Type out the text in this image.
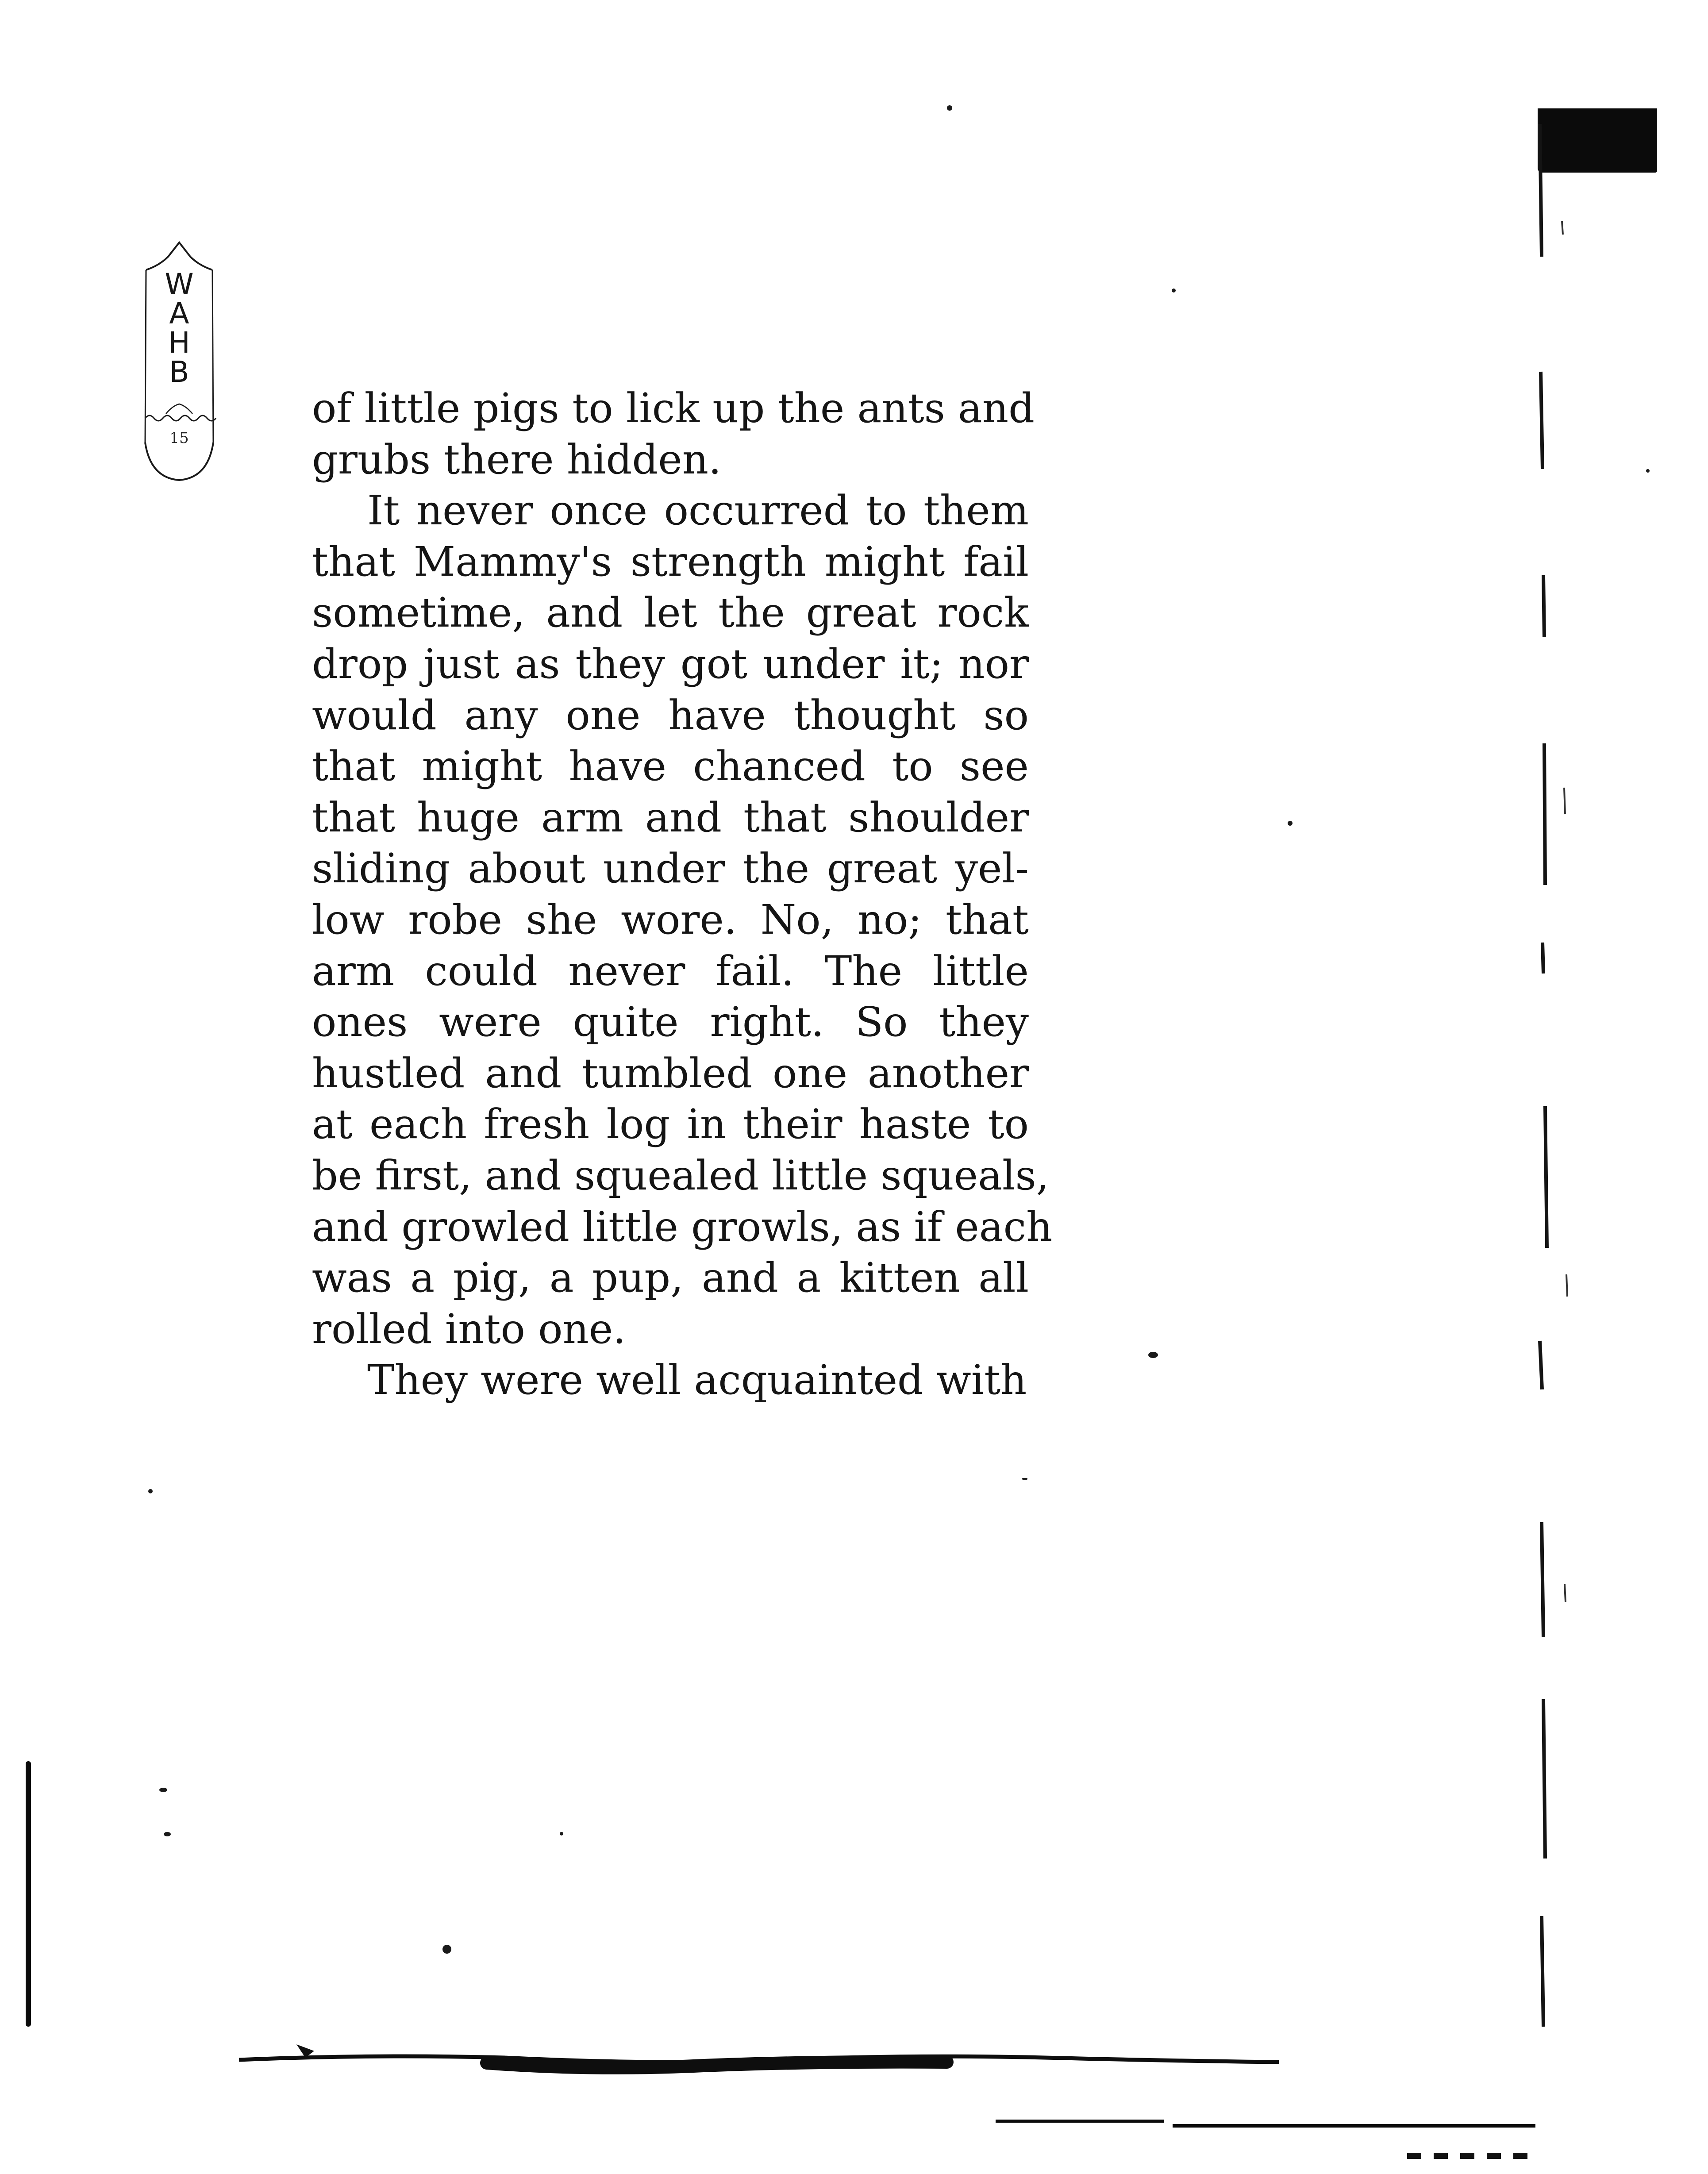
W
A
H
B
15
of little pigs to lick up the ants and
grubs there hidden.
It never once occurred to them
that Mammy's strength might fail
sometime, and let the great rock
drop just as they got under it; nor
would any one have thought so
that might have chanced to see
that huge arm and that shoulder
sliding about under the great yel-
low robe she wore. No, no; that
arm could never fail. The little
ones were quite right. So they
hustled and tumbled one another
at each fresh log in their haste to
be first, and squealed little squeals,
and growled little growls, as if each
was a pig, a pup, and a kitten all
rolled into one.
They were well acquainted with
